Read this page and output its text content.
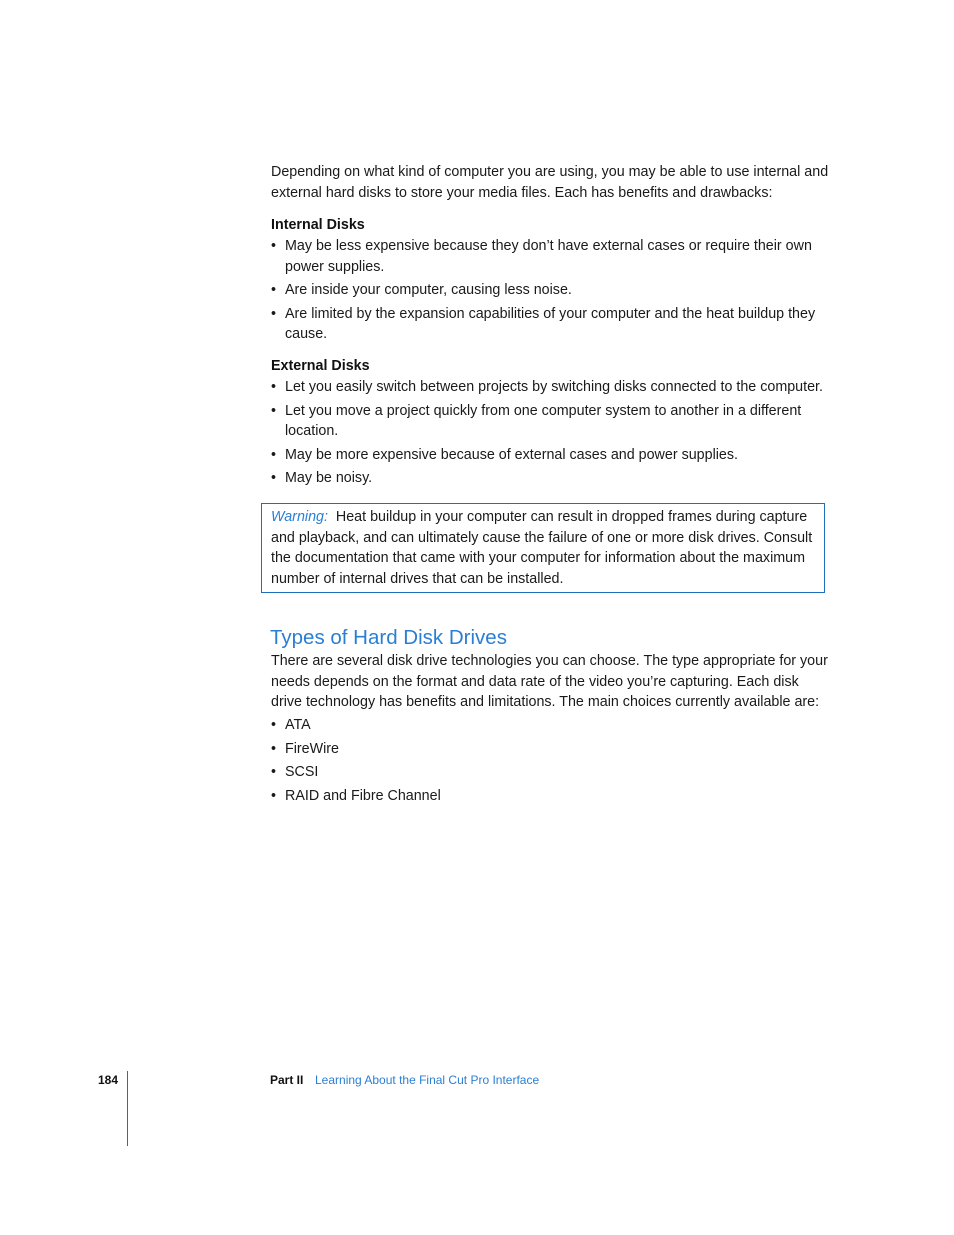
Depending on what kind of computer you are using, you may be able to use internal and external hard disks to store your media files. Each has benefits and drawbacks:

Internal Disks
• May be less expensive because they don’t have external cases or require their own power supplies.
• Are inside your computer, causing less noise.
• Are limited by the expansion capabilities of your computer and the heat buildup they cause.
External Disks
• Let you easily switch between projects by switching disks connected to the computer.
• Let you move a project quickly from one computer system to another in a different location.
• May be more expensive because of external cases and power supplies.
• May be noisy.

Warning: Heat buildup in your computer can result in dropped frames during capture and playback, and can ultimately cause the failure of one or more disk drives. Consult the documentation that came with your computer for information about the maximum number of internal drives that can be installed.

Types of Hard Disk Drives

There are several disk drive technologies you can choose. The type appropriate for your needs depends on the format and data rate of the video you’re capturing. Each disk drive technology has benefits and limitations. The main choices currently available are:

• ATA
• FireWire
• SCSI
• RAID and Fibre Channel
184	Part II Learning About the Final Cut Pro Interface
